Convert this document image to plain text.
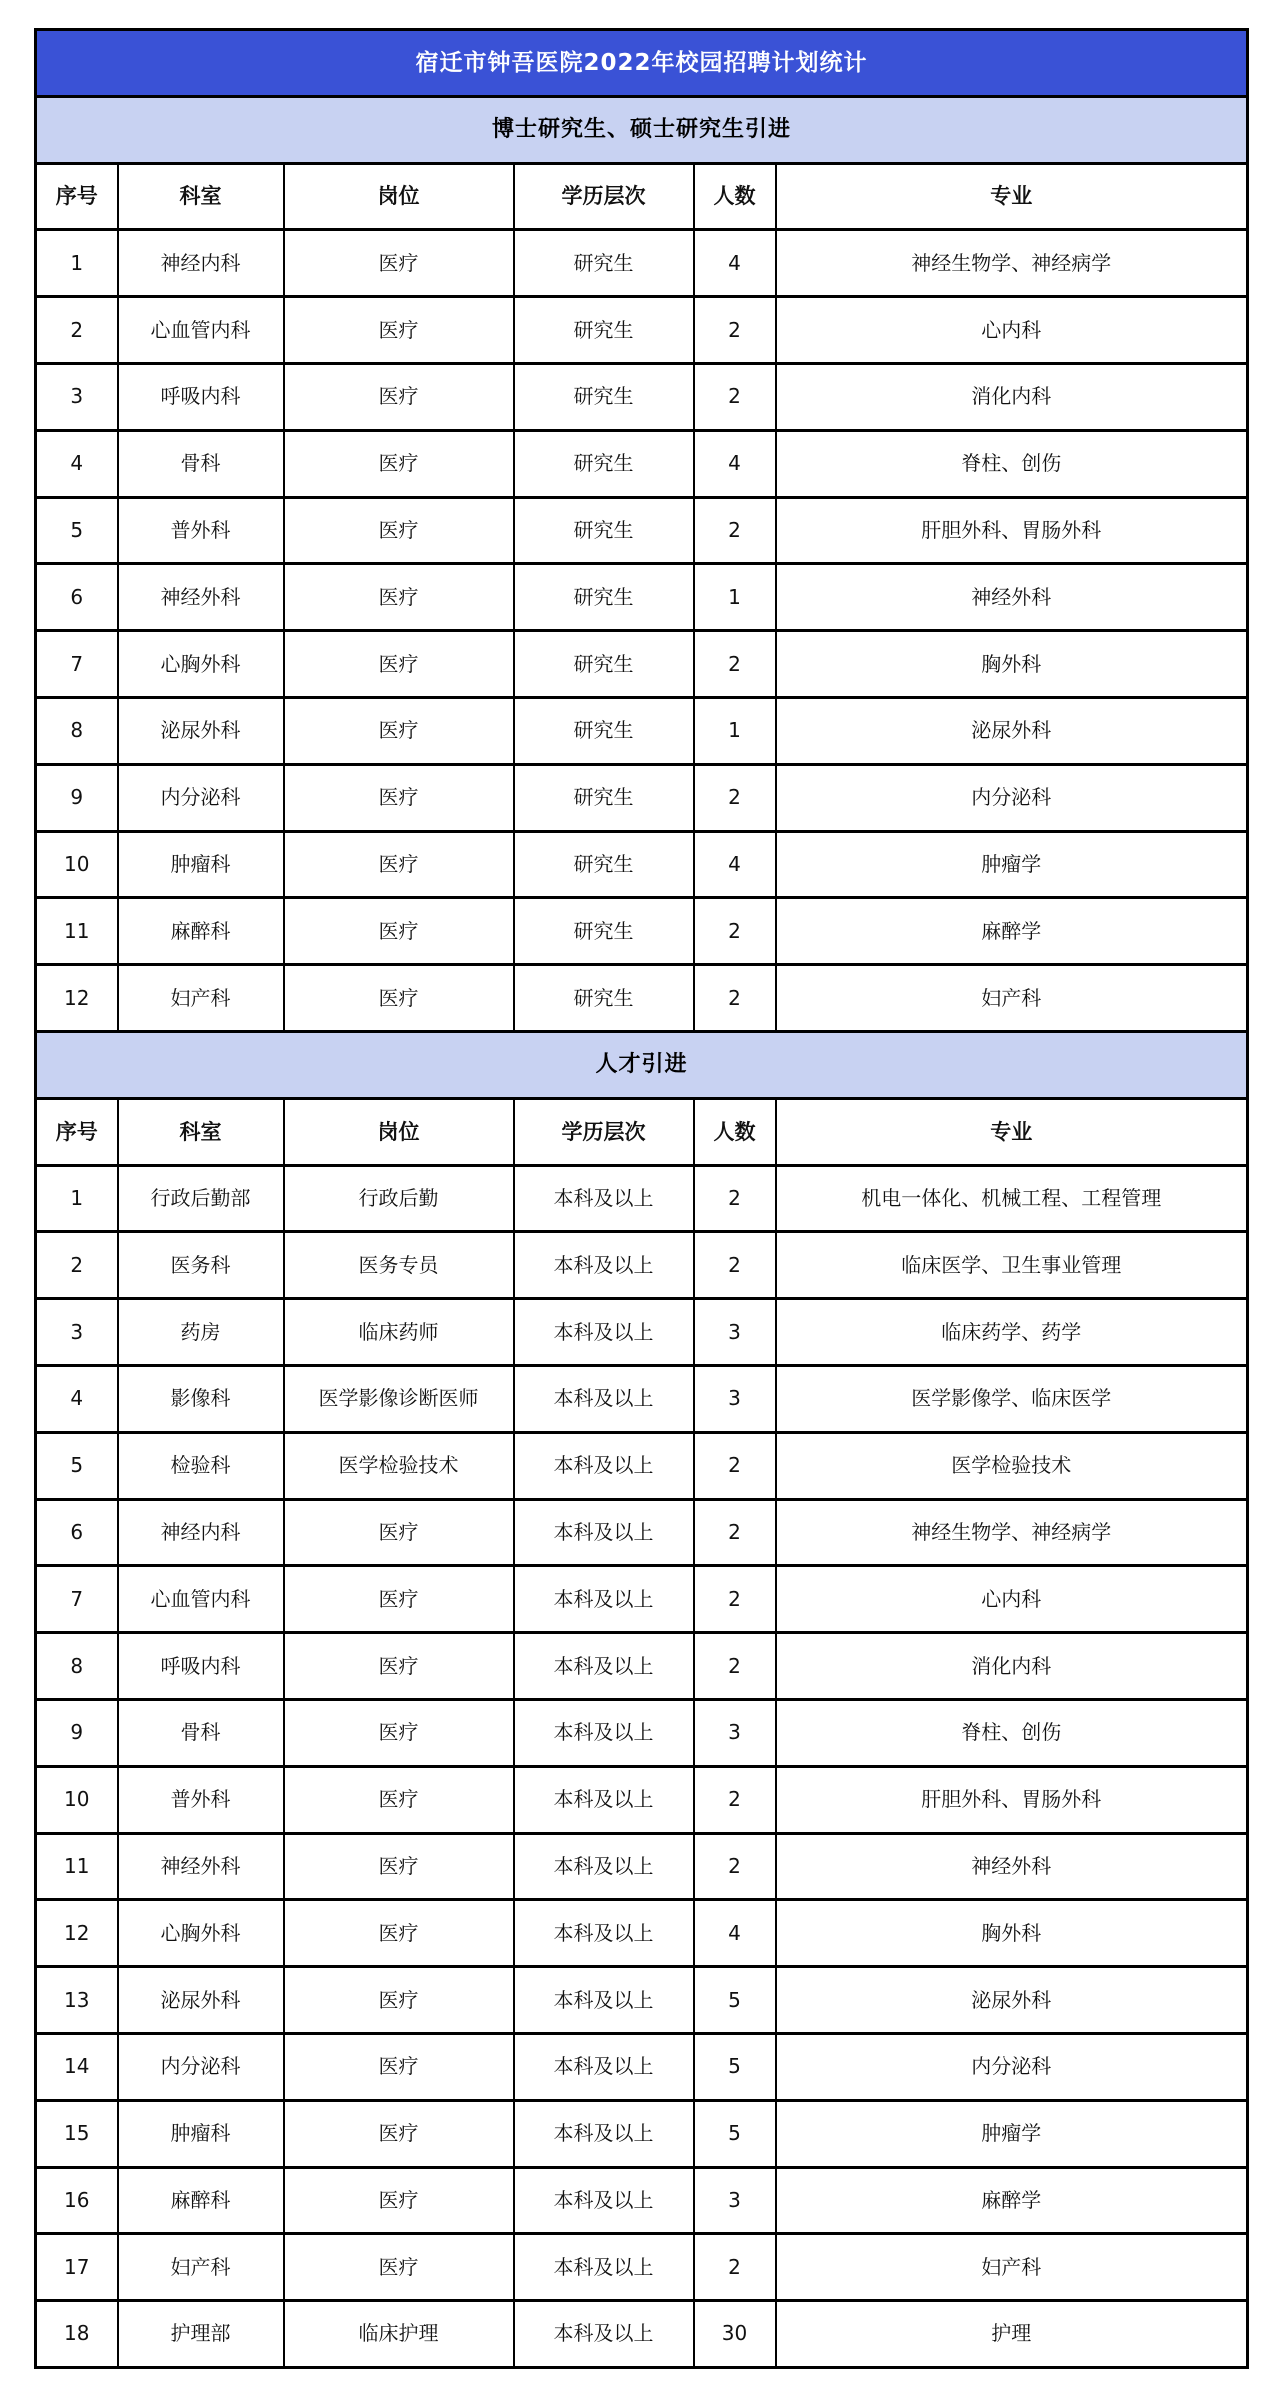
宿迁市钟吾医院2022年校园招聘计划统计					
博士研究生、硕士研究生引进					
序号	科室	岗位	学历层次	人数	专业
1	神经内科	医疗	研究生	4	神经生物学、神经病学
2	心血管内科	医疗	研究生	2	心内科
3	呼吸内科	医疗	研究生	2	消化内科
4	骨科	医疗	研究生	4	脊柱、创伤
5	普外科	医疗	研究生	2	肝胆外科、胃肠外科
6	神经外科	医疗	研究生	1	神经外科
7	心胸外科	医疗	研究生	2	胸外科
8	泌尿外科	医疗	研究生	1	泌尿外科
9	内分泌科	医疗	研究生	2	内分泌科
10	肿瘤科	医疗	研究生	4	肿瘤学
11	麻醉科	医疗	研究生	2	麻醉学
12	妇产科	医疗	研究生	2	妇产科
人才引进					
序号	科室	岗位	学历层次	人数	专业
1	行政后勤部	行政后勤	本科及以上	2	机电一体化、机械工程、工程管理
2	医务科	医务专员	本科及以上	2	临床医学、卫生事业管理
3	药房	临床药师	本科及以上	3	临床药学、药学
4	影像科	医学影像诊断医师	本科及以上	3	医学影像学、临床医学
5	检验科	医学检验技术	本科及以上	2	医学检验技术
6	神经内科	医疗	本科及以上	2	神经生物学、神经病学
7	心血管内科	医疗	本科及以上	2	心内科
8	呼吸内科	医疗	本科及以上	2	消化内科
9	骨科	医疗	本科及以上	3	脊柱、创伤
10	普外科	医疗	本科及以上	2	肝胆外科、胃肠外科
11	神经外科	医疗	本科及以上	2	神经外科
12	心胸外科	医疗	本科及以上	4	胸外科
13	泌尿外科	医疗	本科及以上	5	泌尿外科
14	内分泌科	医疗	本科及以上	5	内分泌科
15	肿瘤科	医疗	本科及以上	5	肿瘤学
16	麻醉科	医疗	本科及以上	3	麻醉学
17	妇产科	医疗	本科及以上	2	妇产科
18	护理部	临床护理	本科及以上	30	护理
